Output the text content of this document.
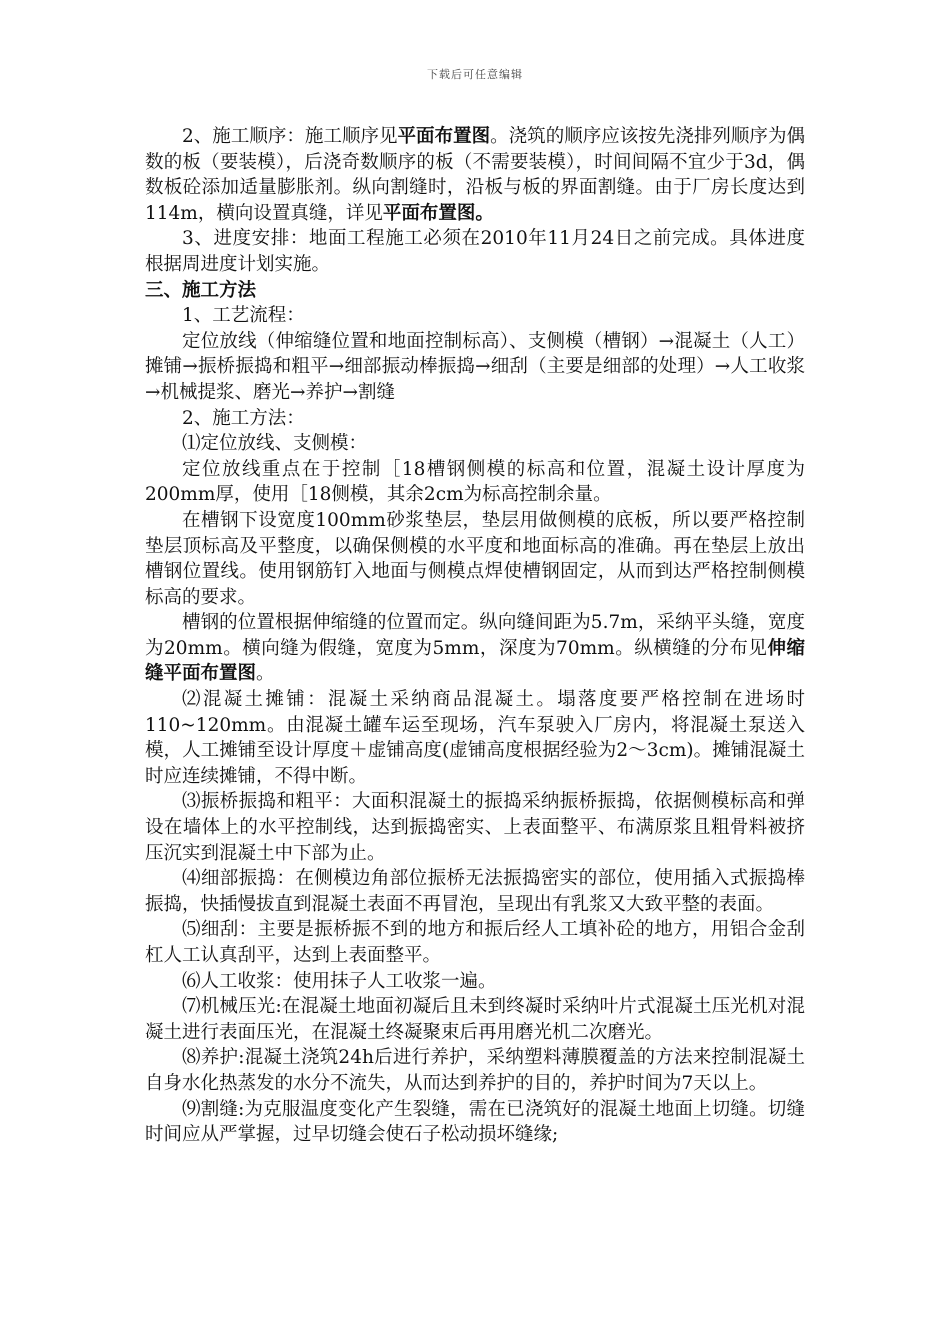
下载后可任意编辑

2、施工顺序：施工顺序见平面布置图。浇筑的顺序应该按先浇排列顺序为偶数的板（要装模），后浇奇数顺序的板（不需要装模），时间间隔不宜少于3d，偶数板砼添加适量膨胀剂。纵向割缝时，沿板与板的界面割缝。由于厂房长度达到114m，横向设置真缝，详见平面布置图。

3、进度安排：地面工程施工必须在2010年11月24日之前完成。具体进度根据周进度计划实施。

三、施工方法

1、工艺流程：

定位放线（伸缩缝位置和地面控制标高）、支侧模（槽钢）→混凝土（人工）摊铺→振桥振捣和粗平→细部振动棒振捣→细刮（主要是细部的处理）→人工收浆→机械提浆、磨光→养护→割缝

2、施工方法：

⑴定位放线、支侧模：

定位放线重点在于控制［18槽钢侧模的标高和位置，混凝土设计厚度为200mm厚，使用［18侧模，其余2cm为标高控制余量。

在槽钢下设宽度100mm砂浆垫层，垫层用做侧模的底板，所以要严格控制垫层顶标高及平整度，以确保侧模的水平度和地面标高的准确。再在垫层上放出槽钢位置线。使用钢筋钉入地面与侧模点焊使槽钢固定，从而到达严格控制侧模标高的要求。

槽钢的位置根据伸缩缝的位置而定。纵向缝间距为5.7m，采纳平头缝，宽度为20mm。横向缝为假缝，宽度为5mm，深度为70mm。纵横缝的分布见伸缩缝平面布置图。

⑵混凝土摊铺：混凝土采纳商品混凝土。塌落度要严格控制在进场时110~120mm。由混凝土罐车运至现场，汽车泵驶入厂房内，将混凝土泵送入模，人工摊铺至设计厚度＋虚铺高度(虚铺高度根据经验为2～3cm)。摊铺混凝土时应连续摊铺，不得中断。

⑶振桥振捣和粗平：大面积混凝土的振捣采纳振桥振捣，依据侧模标高和弹设在墙体上的水平控制线，达到振捣密实、上表面整平、布满原浆且粗骨料被挤压沉实到混凝土中下部为止。

⑷细部振捣：在侧模边角部位振桥无法振捣密实的部位，使用插入式振捣棒振捣，快插慢拔直到混凝土表面不再冒泡，呈现出有乳浆又大致平整的表面。

⑸细刮：主要是振桥振不到的地方和振后经人工填补砼的地方，用铝合金刮杠人工认真刮平，达到上表面整平。

⑹人工收浆：使用抹子人工收浆一遍。

⑺机械压光:在混凝土地面初凝后且未到终凝时采纳叶片式混凝土压光机对混凝土进行表面压光，在混凝土终凝聚束后再用磨光机二次磨光。

⑻养护:混凝土浇筑24h后进行养护，采纳塑料薄膜覆盖的方法来控制混凝土自身水化热蒸发的水分不流失，从而达到养护的目的，养护时间为7天以上。

⑼割缝:为克服温度变化产生裂缝，需在已浇筑好的混凝土地面上切缝。切缝时间应从严掌握，过早切缝会使石子松动损坏缝缘;
